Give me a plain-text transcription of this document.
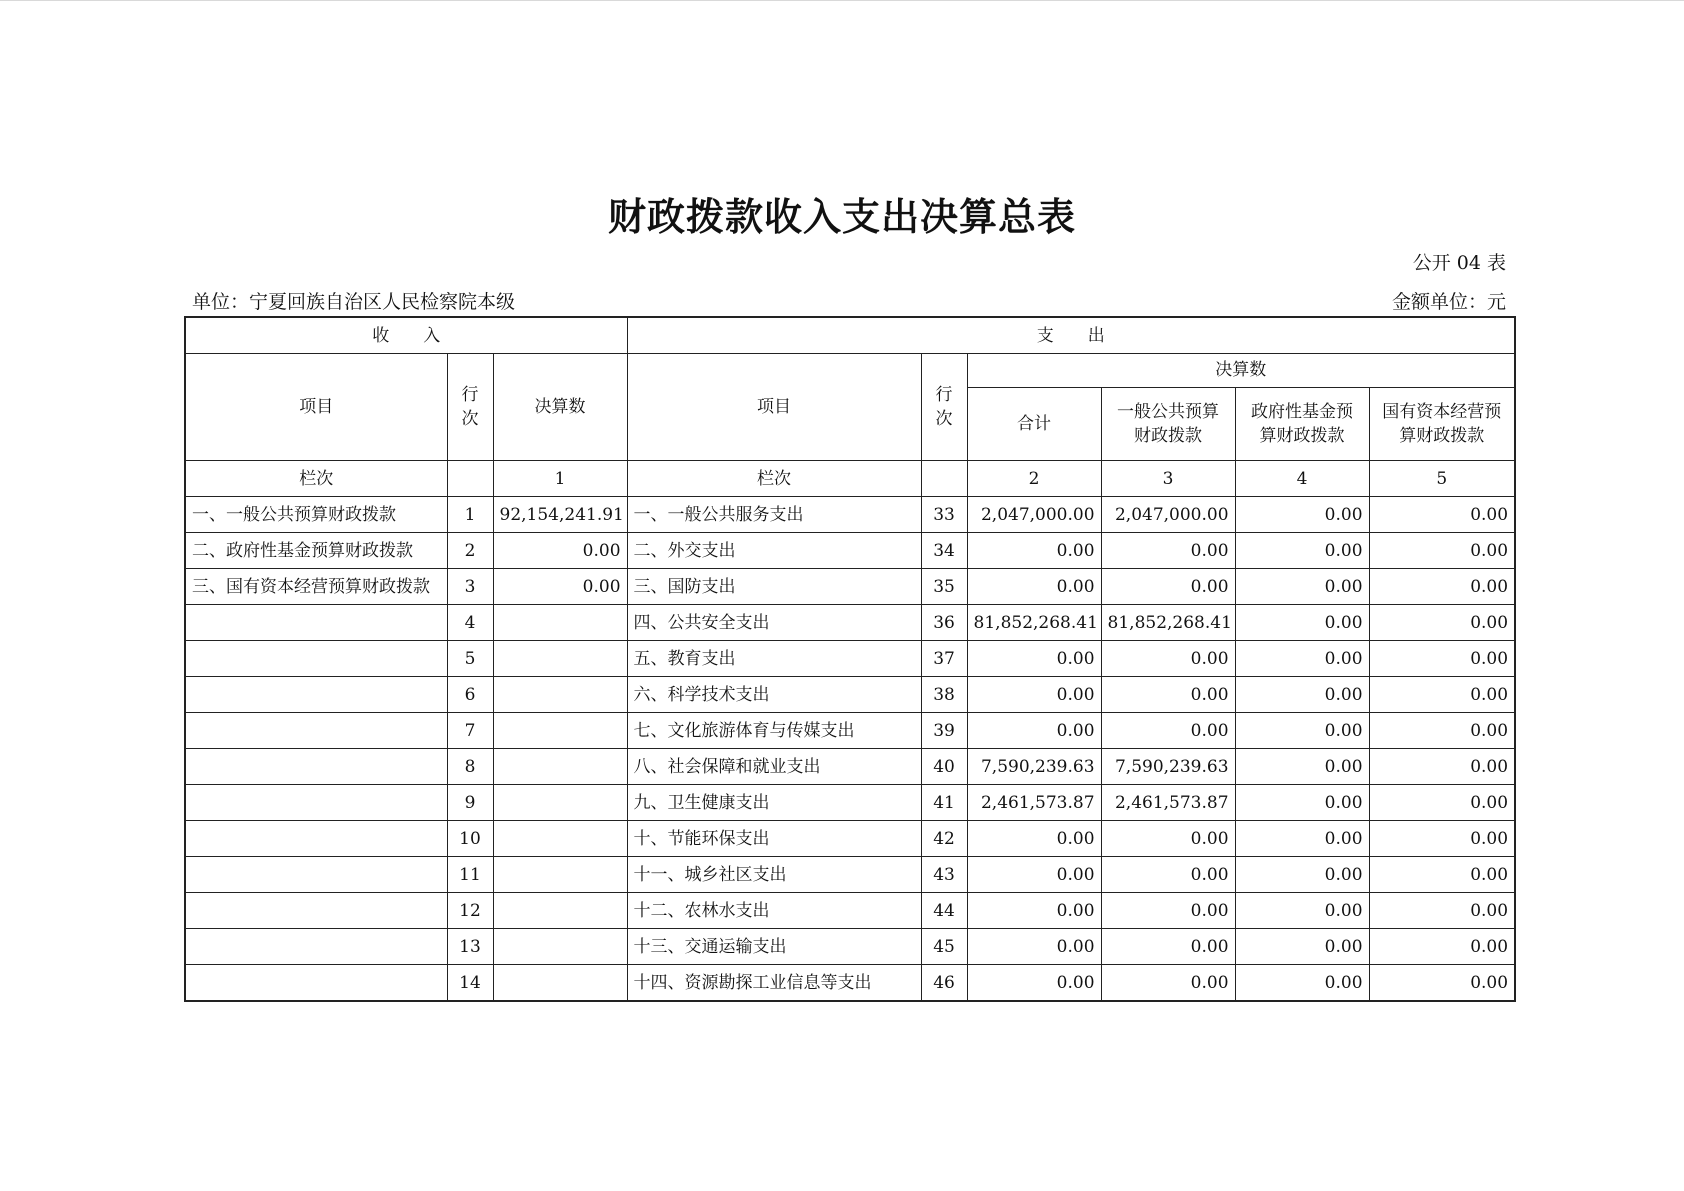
财政拨款收入支出决算总表
公开 04 表
单位：宁夏回族自治区人民检察院本级	金额单位：元
收　　入			支　　出					
项目	行次	决算数	项目	行次	决算数			
					合计	一般公共预算财政拨款	政府性基金预算财政拨款	国有资本经营预算财政拨款
栏次		1	栏次		2	3	4	5
一、一般公共预算财政拨款	1	92,154,241.91	一、一般公共服务支出	33	2,047,000.00	2,047,000.00	0.00	0.00
二、政府性基金预算财政拨款	2	0.00	二、外交支出	34	0.00	0.00	0.00	0.00
三、国有资本经营预算财政拨款	3	0.00	三、国防支出	35	0.00	0.00	0.00	0.00
	4		四、公共安全支出	36	81,852,268.41	81,852,268.41	0.00	0.00
	5		五、教育支出	37	0.00	0.00	0.00	0.00
	6		六、科学技术支出	38	0.00	0.00	0.00	0.00
	7		七、文化旅游体育与传媒支出	39	0.00	0.00	0.00	0.00
	8		八、社会保障和就业支出	40	7,590,239.63	7,590,239.63	0.00	0.00
	9		九、卫生健康支出	41	2,461,573.87	2,461,573.87	0.00	0.00
	10		十、节能环保支出	42	0.00	0.00	0.00	0.00
	11		十一、城乡社区支出	43	0.00	0.00	0.00	0.00
	12		十二、农林水支出	44	0.00	0.00	0.00	0.00
	13		十三、交通运输支出	45	0.00	0.00	0.00	0.00
	14		十四、资源勘探工业信息等支出	46	0.00	0.00	0.00	0.00
